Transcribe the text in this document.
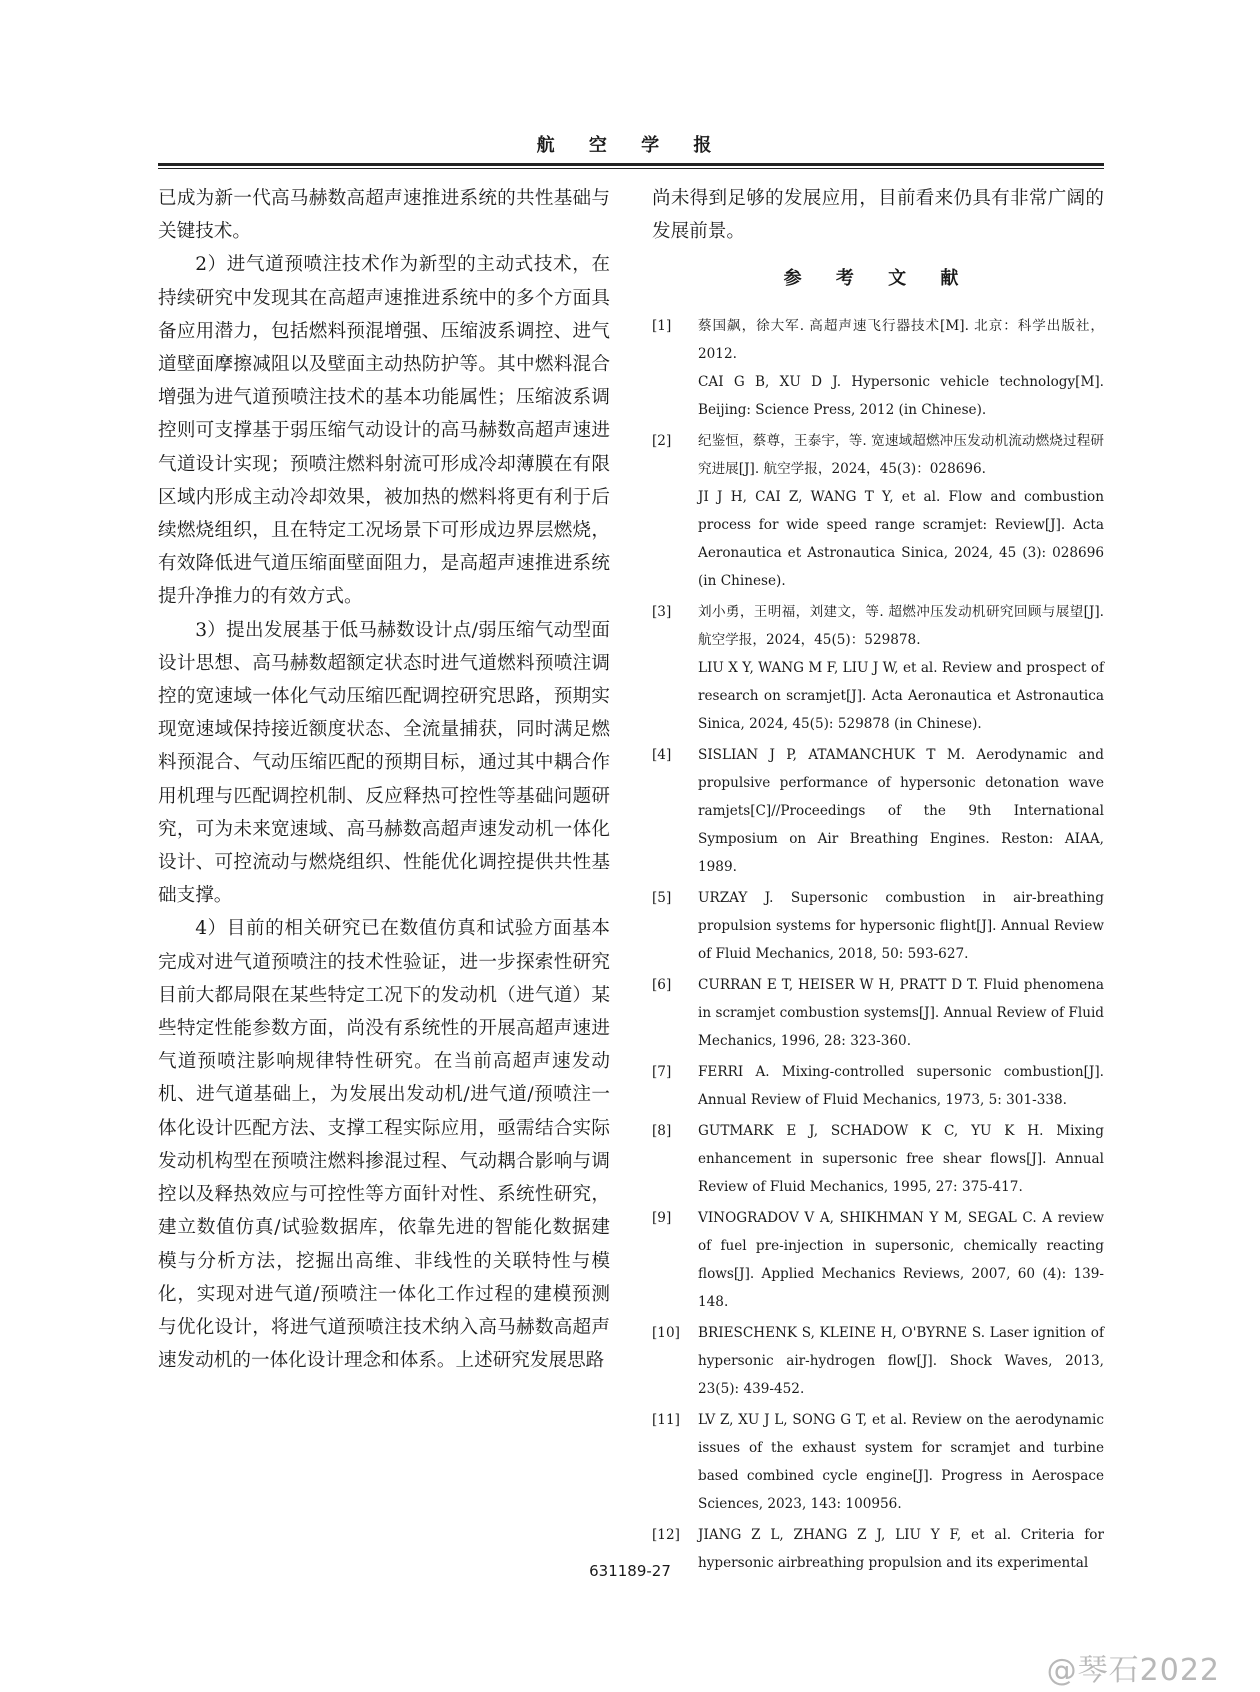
航 空 学 报

已成为新一代高马赫数高超声速推进系统的共性基础与关键技术。

2）进气道预喷注技术作为新型的主动式技术，在持续研究中发现其在高超声速推进系统中的多个方面具备应用潜力，包括燃料预混增强、压缩波系调控、进气道壁面摩擦减阻以及壁面主动热防护等。其中燃料混合增强为进气道预喷注技术的基本功能属性；压缩波系调控则可支撑基于弱压缩气动设计的高马赫数高超声速进气道设计实现；预喷注燃料射流可形成冷却薄膜在有限区域内形成主动冷却效果，被加热的燃料将更有利于后续燃烧组织，且在特定工况场景下可形成边界层燃烧，有效降低进气道压缩面壁面阻力，是高超声速推进系统提升净推力的有效方式。

3）提出发展基于低马赫数设计点/弱压缩气动型面设计思想、高马赫数超额定状态时进气道燃料预喷注调控的宽速域一体化气动压缩匹配调控研究思路，预期实现宽速域保持接近额度状态、全流量捕获，同时满足燃料预混合、气动压缩匹配的预期目标，通过其中耦合作用机理与匹配调控机制、反应释热可控性等基础问题研究，可为未来宽速域、高马赫数高超声速发动机一体化设计、可控流动与燃烧组织、性能优化调控提供共性基础支撑。

4）目前的相关研究已在数值仿真和试验方面基本完成对进气道预喷注的技术性验证，进一步探索性研究目前大都局限在某些特定工况下的发动机（进气道）某些特定性能参数方面，尚没有系统性的开展高超声速进气道预喷注影响规律特性研究。在当前高超声速发动机、进气道基础上，为发展出发动机/进气道/预喷注一体化设计匹配方法、支撑工程实际应用，亟需结合实际发动机构型在预喷注燃料掺混过程、气动耦合影响与调控以及释热效应与可控性等方面针对性、系统性研究，建立数值仿真/试验数据库，依靠先进的智能化数据建模与分析方法，挖掘出高维、非线性的关联特性与模化，实现对进气道/预喷注一体化工作过程的建模预测与优化设计，将进气道预喷注技术纳入高马赫数高超声速发动机的一体化设计理念和体系。上述研究发展思路

尚未得到足够的发展应用，目前看来仍具有非常广阔的发展前景。

参 考 文 献
[1]	蔡国飙，徐大军. 高超声速飞行器技术[M]. 北京：科学出版社，2012.
CAI G B, XU D J. Hypersonic vehicle technology[M]. Beijing: Science Press, 2012 (in Chinese).
[2]	纪鉴恒，蔡尊，王泰宇，等. 宽速域超燃冲压发动机流动燃烧过程研究进展[J]. 航空学报，2024，45(3)：028696.
JI J H, CAI Z, WANG T Y, et al. Flow and combustion process for wide speed range scramjet: Review[J]. Acta Aeronautica et Astronautica Sinica, 2024, 45 (3): 028696 (in Chinese).
[3]	刘小勇，王明福，刘建文，等. 超燃冲压发动机研究回顾与展望[J]. 航空学报，2024，45(5)：529878.
LIU X Y, WANG M F, LIU J W, et al. Review and prospect of research on scramjet[J]. Acta Aeronautica et Astronautica Sinica, 2024, 45(5): 529878 (in Chinese).
[4]	SISLIAN J P, ATAMANCHUK T M. Aerodynamic and propulsive performance of hypersonic detonation wave ramjets[C]//Proceedings of the 9th International Symposium on Air Breathing Engines. Reston: AIAA, 1989.
[5]	URZAY J. Supersonic combustion in air-breathing propulsion systems for hypersonic flight[J]. Annual Review of Fluid Mechanics, 2018, 50: 593-627.
[6]	CURRAN E T, HEISER W H, PRATT D T. Fluid phenomena in scramjet combustion systems[J]. Annual Review of Fluid Mechanics, 1996, 28: 323-360.
[7]	FERRI A. Mixing-controlled supersonic combustion[J]. Annual Review of Fluid Mechanics, 1973, 5: 301-338.
[8]	GUTMARK E J, SCHADOW K C, YU K H. Mixing enhancement in supersonic free shear flows[J]. Annual Review of Fluid Mechanics, 1995, 27: 375-417.
[9]	VINOGRADOV V A, SHIKHMAN Y M, SEGAL C. A review of fuel pre-injection in supersonic, chemically reacting flows[J]. Applied Mechanics Reviews, 2007, 60 (4): 139-148.
[10]	BRIESCHENK S, KLEINE H, O'BYRNE S. Laser ignition of hypersonic air-hydrogen flow[J]. Shock Waves, 2013, 23(5): 439-452.
[11]	LV Z, XU J L, SONG G T, et al. Review on the aerodynamic issues of the exhaust system for scramjet and turbine based combined cycle engine[J]. Progress in Aerospace Sciences, 2023, 143: 100956.
[12]	JIANG Z L, ZHANG Z J, LIU Y F, et al. Criteria for hypersonic airbreathing propulsion and its experimental
631189-27
@琴石2022
